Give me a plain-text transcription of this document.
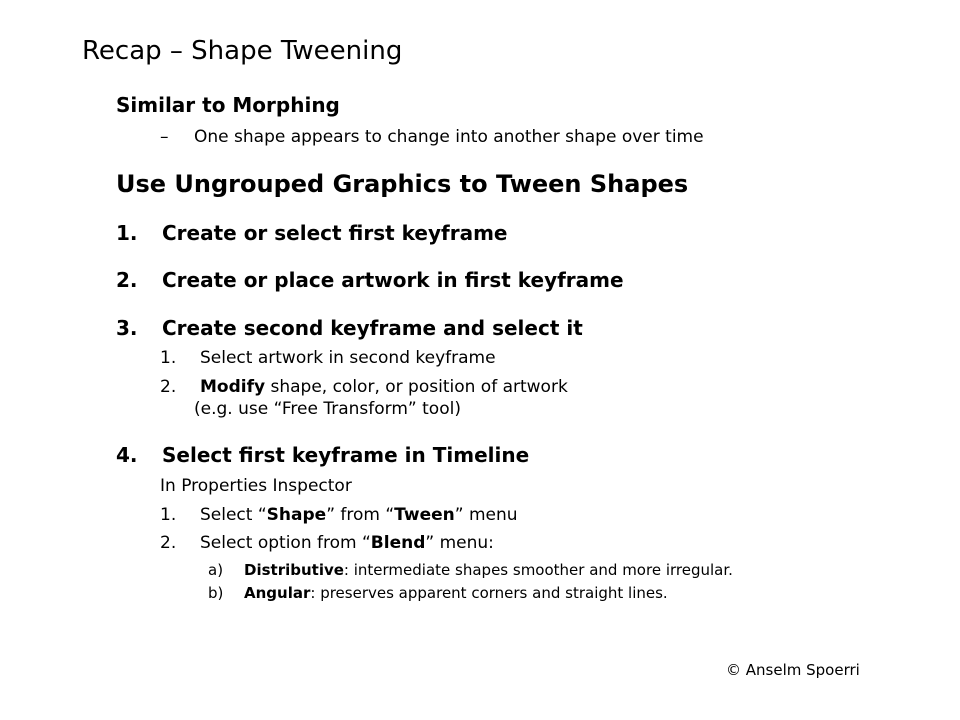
Recap – Shape Tweening
Similar to Morphing
– One shape appears to change into another shape over time
Use Ungrouped Graphics to Tween Shapes
1. Create or select first keyframe
2. Create or place artwork in first keyframe
3. Create second keyframe and select it
1. Select artwork in second keyframe
2. Modify shape, color, or position of artwork
(e.g. use “Free Transform” tool)
4. Select first keyframe in Timeline
In Properties Inspector
1. Select “Shape” from “Tween” menu
2. Select option from “Blend” menu:
a) Distributive: intermediate shapes smoother and more irregular.
b) Angular: preserves apparent corners and straight lines.
© Anselm Spoerri
